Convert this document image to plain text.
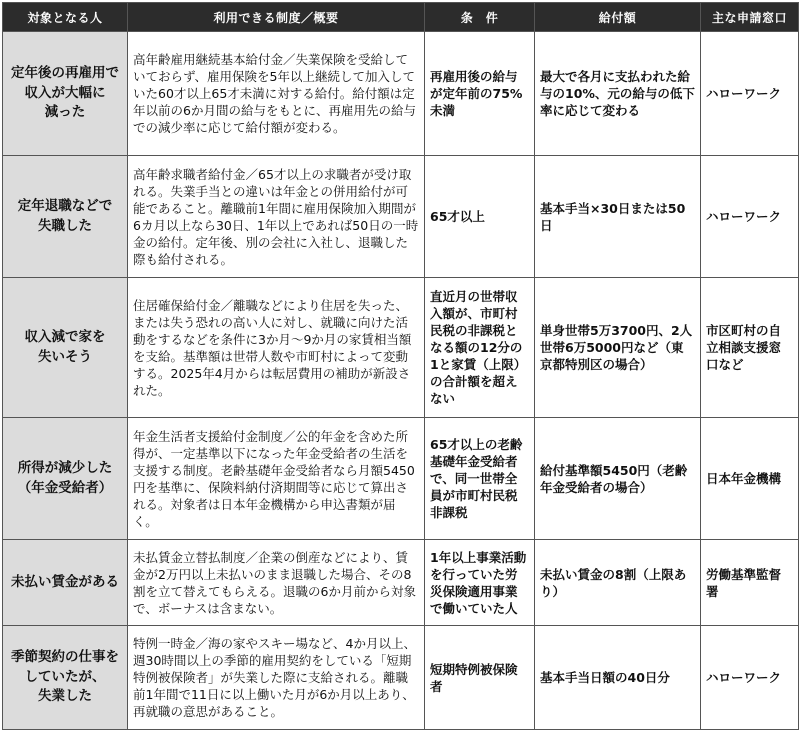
対象となる人	利用できる制度／概要	条　件	給付額	主な申請窓口
定年後の再雇用で
収入が大幅に
減った	高年齢雇用継続基本給付金／失業保険を受給していておらず、雇用保険を5年以上継続して加入していた60才以上65才未満に対する給付。給付額は定年以前の6か月間の給与をもとに、再雇用先の給与での減少率に応じて給付額が変わる。	再雇用後の給与が定年前の75%未満	最大で各月に支払われた給与の10%、元の給与の低下率に応じて変わる	ハローワーク
定年退職などで
失職した	高年齢求職者給付金／65才以上の求職者が受け取れる。失業手当との違いは年金との併用給付が可能であること。離職前1年間に雇用保険加入期間が6カ月以上なら30日、1年以上であれば50日の一時金の給付。定年後、別の会社に入社し、退職した際も給付される。	65才以上	基本手当×30日または50日	ハローワーク
収入減で家を
失いそう	住居確保給付金／離職などにより住居を失った、または失う恐れの高い人に対し、就職に向けた活動をするなどを条件に3か月～9か月の家賃相当額を支給。基準額は世帯人数や市町村によって変動する。2025年4月からは転居費用の補助が新設された。	直近月の世帯収入額が、市町村民税の非課税となる額の12分の1と家賃（上限）の合計額を超えない	単身世帯5万3700円、2人世帯6万5000円など（東京都特別区の場合）	市区町村の自立相談支援窓口など
所得が減少した
（年金受給者）	年金生活者支援給付金制度／公的年金を含めた所得が、一定基準以下になった年金受給者の生活を支援する制度。老齢基礎年金受給者なら月額5450円を基準に、保険料納付済期間等に応じて算出される。対象者は日本年金機構から申込書類が届く。	65才以上の老齢基礎年金受給者で、同一世帯全員が市町村民税非課税	給付基準額5450円（老齢年金受給者の場合）	日本年金機構
未払い賃金がある	未払賃金立替払制度／企業の倒産などにより、賃金が2万円以上未払いのまま退職した場合、その8割を立て替えてもらえる。退職の6か月前から対象で、ボーナスは含まない。	1年以上事業活動を行っていた労災保険適用事業で働いていた人	未払い賃金の8割（上限あり）	労働基準監督署
季節契約の仕事を
していたが、
失業した	特例一時金／海の家やスキー場など、4か月以上、週30時間以上の季節的雇用契約をしている「短期特例被保険者」が失業した際に支給される。離職前1年間で11日に以上働いた月が6か月以上あり、再就職の意思があること。	短期特例被保険者	基本手当日額の40日分	ハローワーク
